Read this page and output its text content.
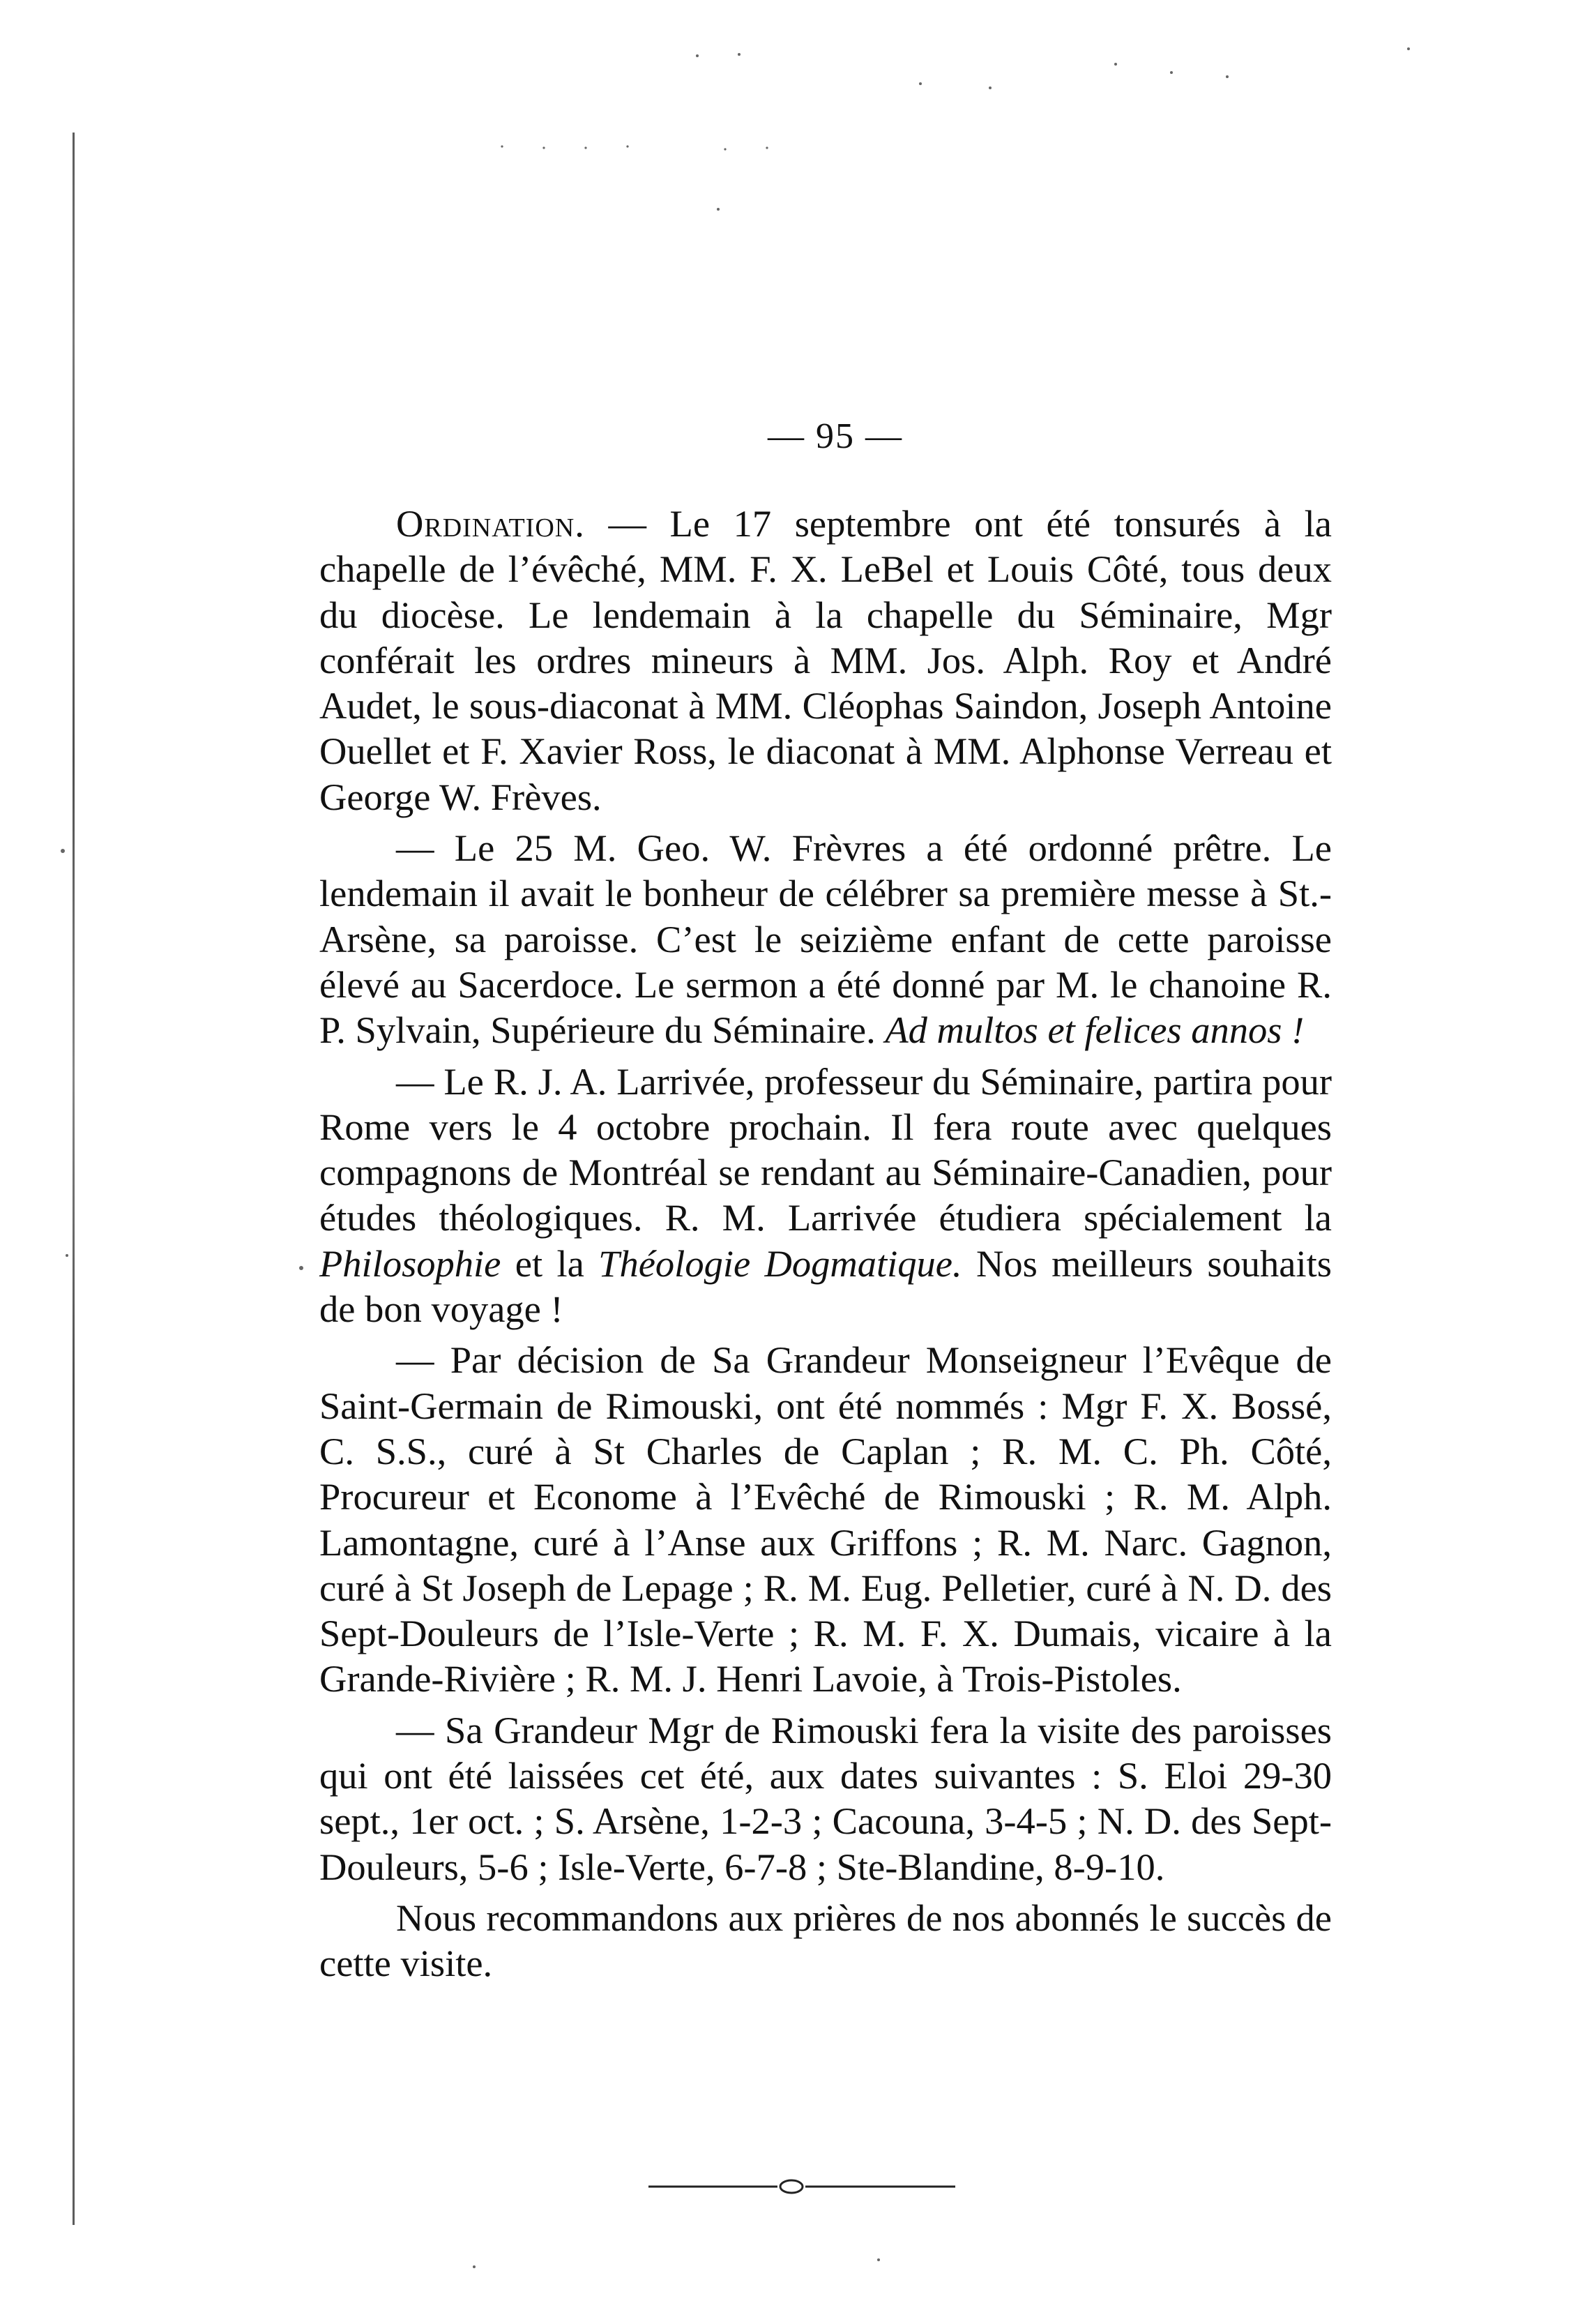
— 95 —

Ordination. — Le 17 septembre ont été tonsurés à la chapelle de l’évêché, MM. F. X. LeBel et Louis Côté, tous deux du diocèse. Le lendemain à la chapelle du Séminaire, Mgr conférait les ordres mineurs à MM. Jos. Alph. Roy et André Audet, le sous-diaconat à MM. Cléophas Saindon, Joseph Antoine Ouellet et F. Xavier Ross, le diaconat à MM. Alphonse Verreau et George W. Frèves.

— Le 25 M. Geo. W. Frèvres a été ordonné prêtre. Le lendemain il avait le bonheur de célébrer sa première messe à St.-Arsène, sa paroisse. C’est le seizième enfant de cette paroisse élevé au Sacerdoce. Le sermon a été donné par M. le chanoine R. P. Sylvain, Supérieure du Séminaire. Ad multos et felices annos !

— Le R. J. A. Larrivée, professeur du Séminaire, partira pour Rome vers le 4 octobre prochain. Il fera route avec quelques compagnons de Montréal se rendant au Séminaire-Canadien, pour études théologiques. R. M. Larrivée étudiera spécialement la Philosophie et la Théologie Dogmatique. Nos meilleurs souhaits de bon voyage !

— Par décision de Sa Grandeur Monseigneur l’Evêque de Saint-Germain de Rimouski, ont été nommés : Mgr F. X. Bossé, C. S.S., curé à St Charles de Caplan ; R. M. C. Ph. Côté, Procureur et Econome à l’Evêché de Rimouski ; R. M. Alph. Lamontagne, curé à l’Anse aux Griffons ; R. M. Narc. Gagnon, curé à St Joseph de Lepage ; R. M. Eug. Pelletier, curé à N. D. des Sept-Douleurs de l’Isle-Verte ; R. M. F. X. Dumais, vicaire à la Grande-Rivière ; R. M. J. Henri Lavoie, à Trois-Pistoles.

— Sa Grandeur Mgr de Rimouski fera la visite des paroisses qui ont été laissées cet été, aux dates suivantes : S. Eloi 29-30 sept., 1er oct. ; S. Arsène, 1-2-3 ; Cacouna, 3-4-5 ; N. D. des Sept-Douleurs, 5-6 ; Isle-Verte, 6-7-8 ; Ste-Blandine, 8-9-10.

Nous recommandons aux prières de nos abonnés le succès de cette visite.
